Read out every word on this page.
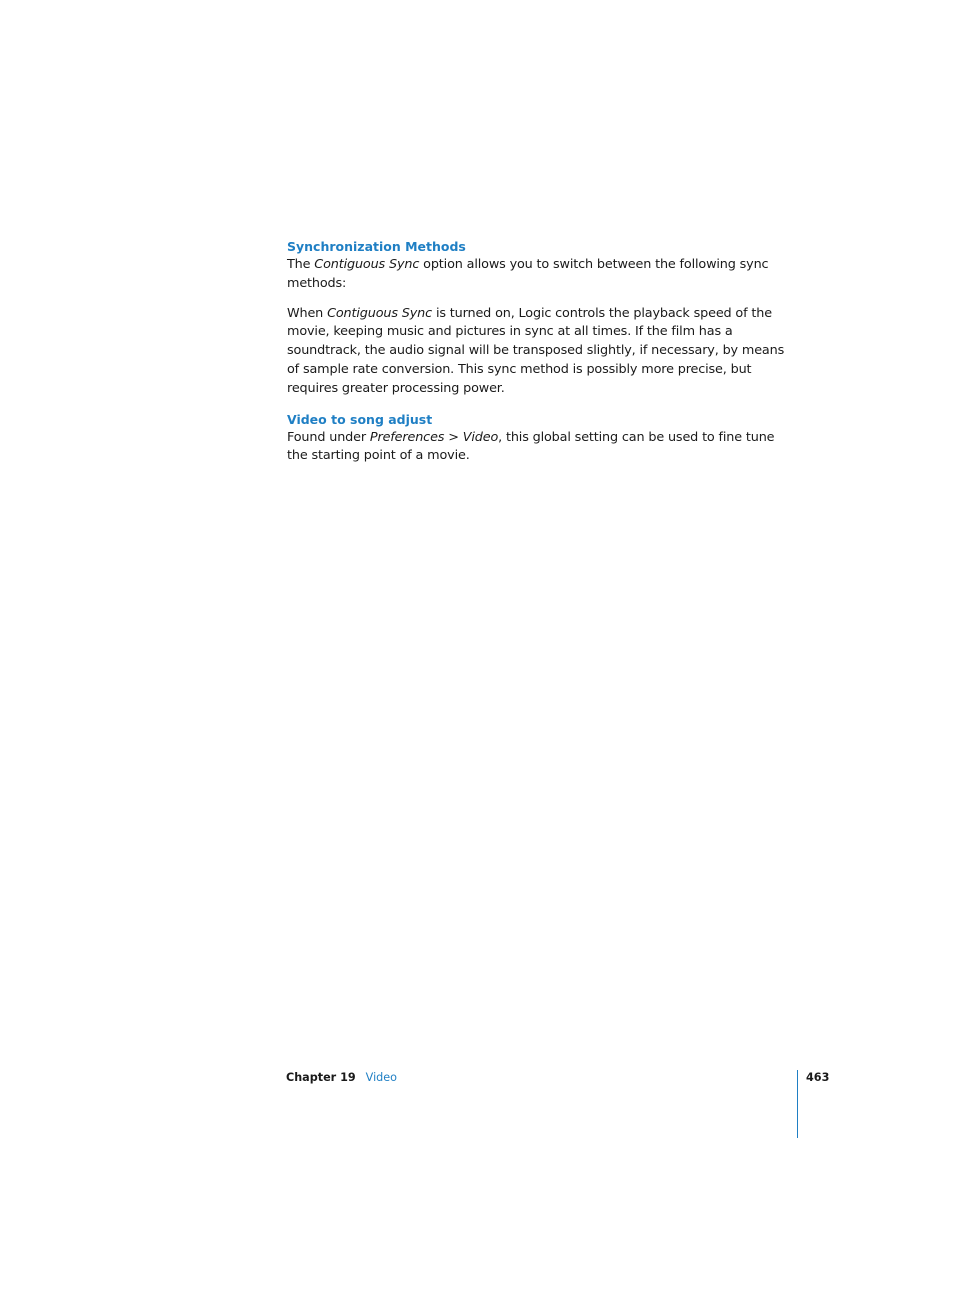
Synchronization Methods

The Contiguous Sync option allows you to switch between the following sync methods:

When Contiguous Sync is turned on, Logic controls the playback speed of the movie, keeping music and pictures in sync at all times. If the film has a soundtrack, the audio signal will be transposed slightly, if necessary, by means of sample rate conversion. This sync method is possibly more precise, but requires greater processing power.

Video to song adjust

Found under Preferences > Video, this global setting can be used to fine tune the starting point of a movie.

Chapter 19 Video	463
